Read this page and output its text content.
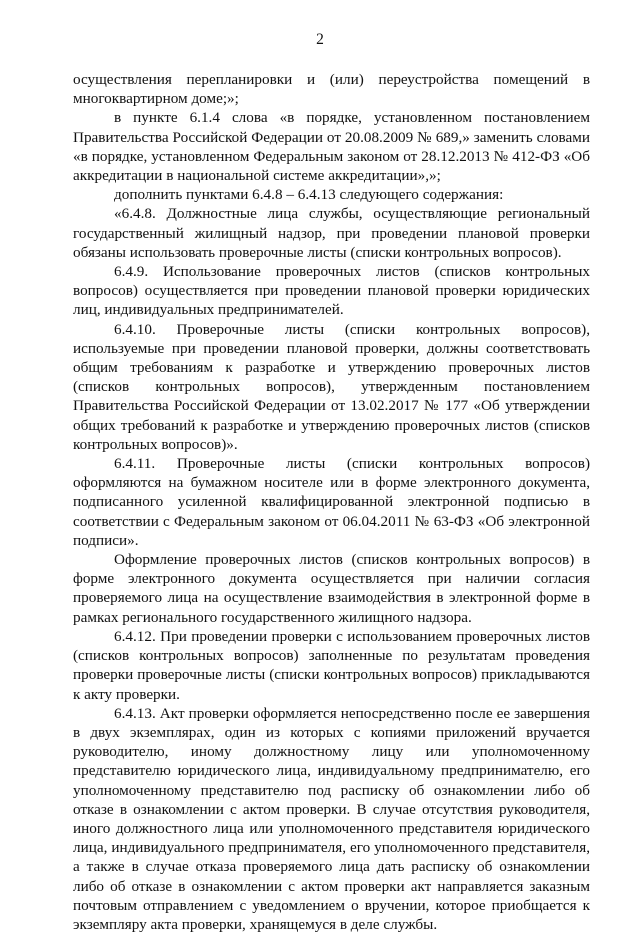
2

осуществления перепланировки и (или) переустройства помещений в многоквартирном доме;»;

в пункте 6.1.4 слова «в порядке, установленном постановлением Правительства Российской Федерации от 20.08.2009 № 689,» заменить словами «в порядке, установленном Федеральным законом от 28.12.2013 № 412-ФЗ «Об аккредитации в национальной системе аккредитации»,»;

дополнить пунктами 6.4.8 – 6.4.13 следующего содержания:

«6.4.8. Должностные лица службы, осуществляющие региональный государственный жилищный надзор, при проведении плановой проверки обязаны использовать проверочные листы (списки контрольных вопросов).

6.4.9. Использование проверочных листов (списков контрольных вопросов) осуществляется при проведении плановой проверки юридических лиц, индивидуальных предпринимателей.

6.4.10. Проверочные листы (списки контрольных вопросов), используемые при проведении плановой проверки, должны соответствовать общим требованиям к разработке и утверждению проверочных листов (списков контрольных вопросов), утвержденным постановлением Правительства Российской Федерации от 13.02.2017 № 177 «Об утверждении общих требований к разработке и утверждению проверочных листов (списков контрольных вопросов)».

6.4.11. Проверочные листы (списки контрольных вопросов) оформляются на бумажном носителе или в форме электронного документа, подписанного усиленной квалифицированной электронной подписью в соответствии с Федеральным законом от 06.04.2011 № 63-ФЗ «Об электронной подписи».

Оформление проверочных листов (списков контрольных вопросов) в форме электронного документа осуществляется при наличии согласия проверяемого лица на осуществление взаимодействия в электронной форме в рамках регионального государственного жилищного надзора.

6.4.12. При проведении проверки с использованием проверочных листов (списков контрольных вопросов) заполненные по результатам проведения проверки проверочные листы (списки контрольных вопросов) прикладываются к акту проверки.

6.4.13. Акт проверки оформляется непосредственно после ее завершения в двух экземплярах, один из которых с копиями приложений вручается руководителю, иному должностному лицу или уполномоченному представителю юридического лица, индивидуальному предпринимателю, его уполномоченному представителю под расписку об ознакомлении либо об отказе в ознакомлении с актом проверки. В случае отсутствия руководителя, иного должностного лица или уполномоченного представителя юридического лица, индивидуального предпринимателя, его уполномоченного представителя, а также в случае отказа проверяемого лица дать расписку об ознакомлении либо об отказе в ознакомлении с актом проверки акт направляется заказным почтовым отправлением с уведомлением о вручении, которое приобщается к экземпляру акта проверки, хранящемуся в деле службы.
